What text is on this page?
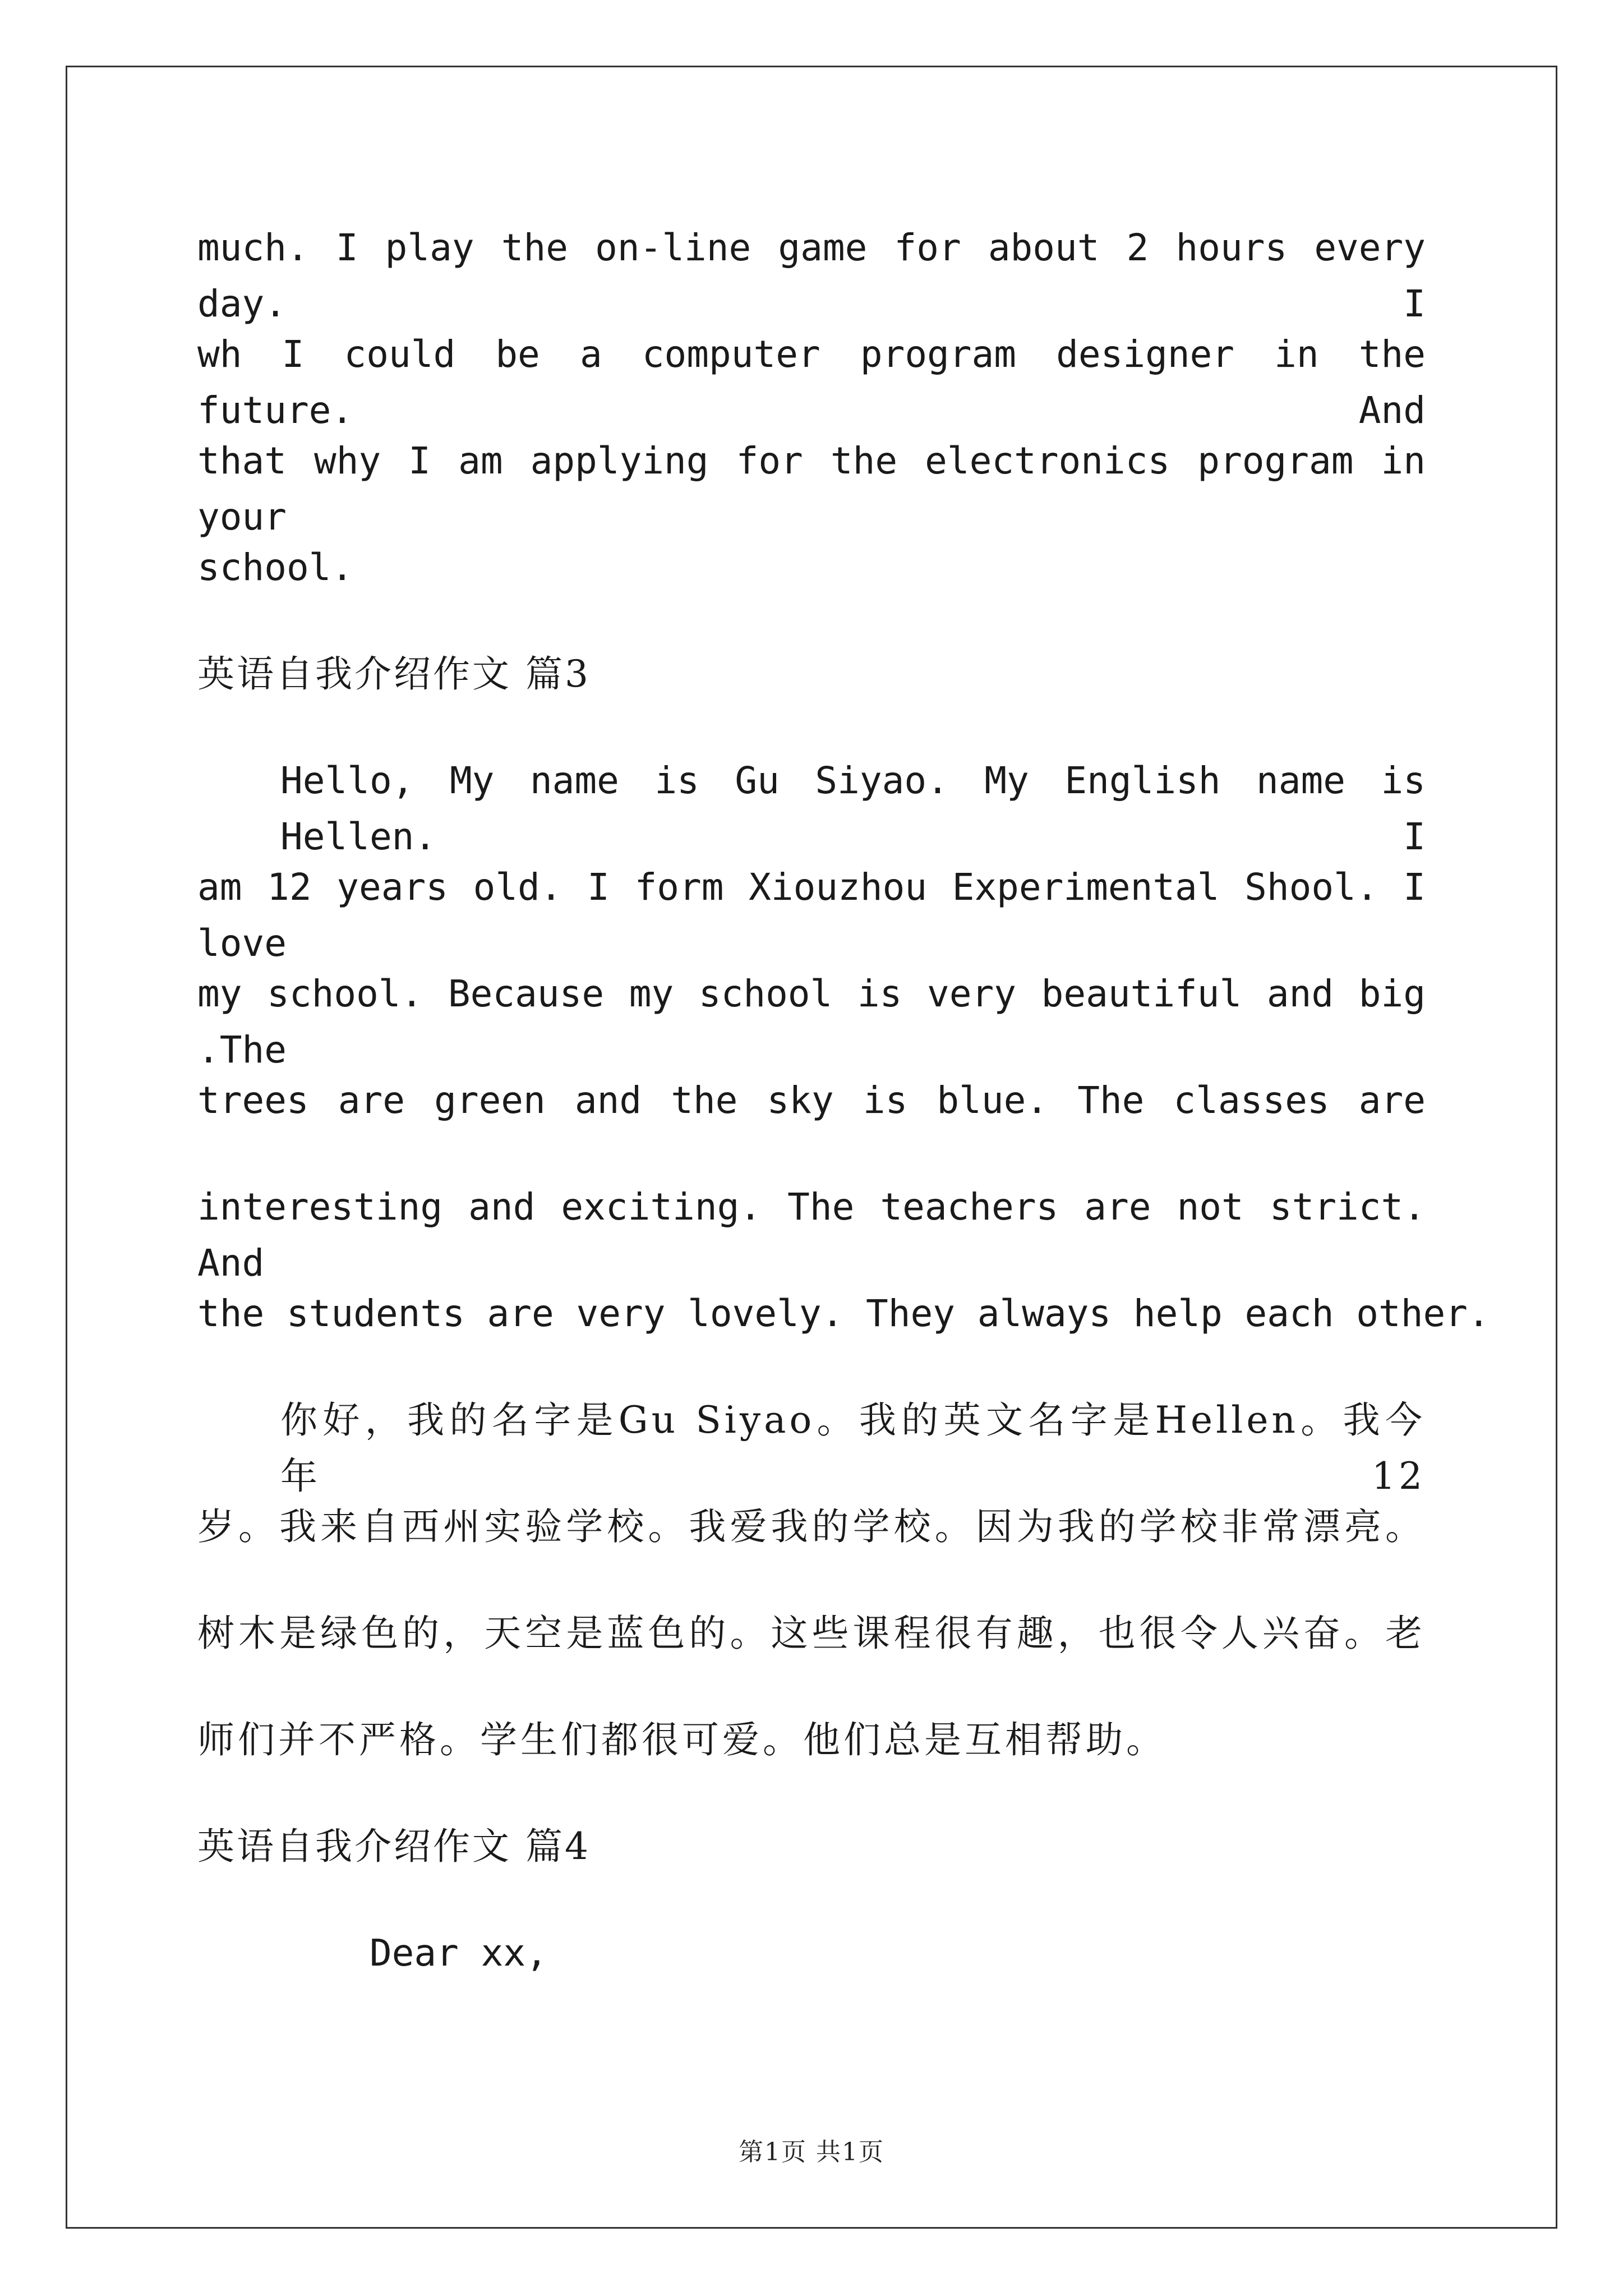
much. I play the on-line game for about 2 hours every day. I
wh I could be a computer program designer in the future. And
that why I am applying for the electronics program in your
school.
英语自我介绍作文 篇3
Hello, My name is Gu Siyao. My English name is Hellen. I
am 12 years old. I form Xiouzhou Experimental Shool. I love
my school. Because my school is very beautiful and big .The
trees are green and the sky is blue. The classes are
interesting and exciting. The teachers are not strict. And
the students are very lovely. They always help each other.
你好，我的名字是Gu Siyao。我的英文名字是Hellen。我今年12
岁。我来自西州实验学校。我爱我的学校。因为我的学校非常漂亮。
树木是绿色的，天空是蓝色的。这些课程很有趣，也很令人兴奋。老
师们并不严格。学生们都很可爱。他们总是互相帮助。
英语自我介绍作文 篇4
Dear xx,
第1页 共1页
